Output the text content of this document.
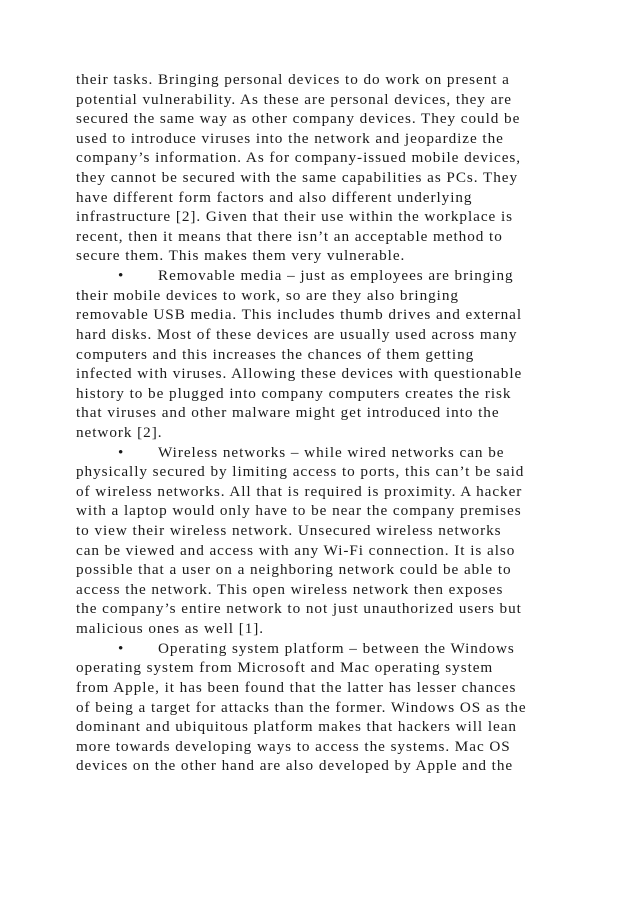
their tasks. Bringing personal devices to do work on present a
potential vulnerability. As these are personal devices, they are
secured the same way as other company devices. They could be
used to introduce viruses into the network and jeopardize the
company’s information. As for company-issued mobile devices,
they cannot be secured with the same capabilities as PCs. They
have different form factors and also different underlying
infrastructure [2]. Given that their use within the workplace is
recent, then it means that there isn’t an acceptable method to
secure them. This makes them very vulnerable.
• Removable media – just as employees are bringing
their mobile devices to work, so are they also bringing
removable USB media. This includes thumb drives and external
hard disks. Most of these devices are usually used across many
computers and this increases the chances of them getting
infected with viruses. Allowing these devices with questionable
history to be plugged into company computers creates the risk
that viruses and other malware might get introduced into the
network [2].
• Wireless networks – while wired networks can be
physically secured by limiting access to ports, this can’t be said
of wireless networks. All that is required is proximity. A hacker
with a laptop would only have to be near the company premises
to view their wireless network. Unsecured wireless networks
can be viewed and access with any Wi-Fi connection. It is also
possible that a user on a neighboring network could be able to
access the network. This open wireless network then exposes
the company’s entire network to not just unauthorized users but
malicious ones as well [1].
• Operating system platform – between the Windows
operating system from Microsoft and Mac operating system
from Apple, it has been found that the latter has lesser chances
of being a target for attacks than the former. Windows OS as the
dominant and ubiquitous platform makes that hackers will lean
more towards developing ways to access the systems. Mac OS
devices on the other hand are also developed by Apple and the
